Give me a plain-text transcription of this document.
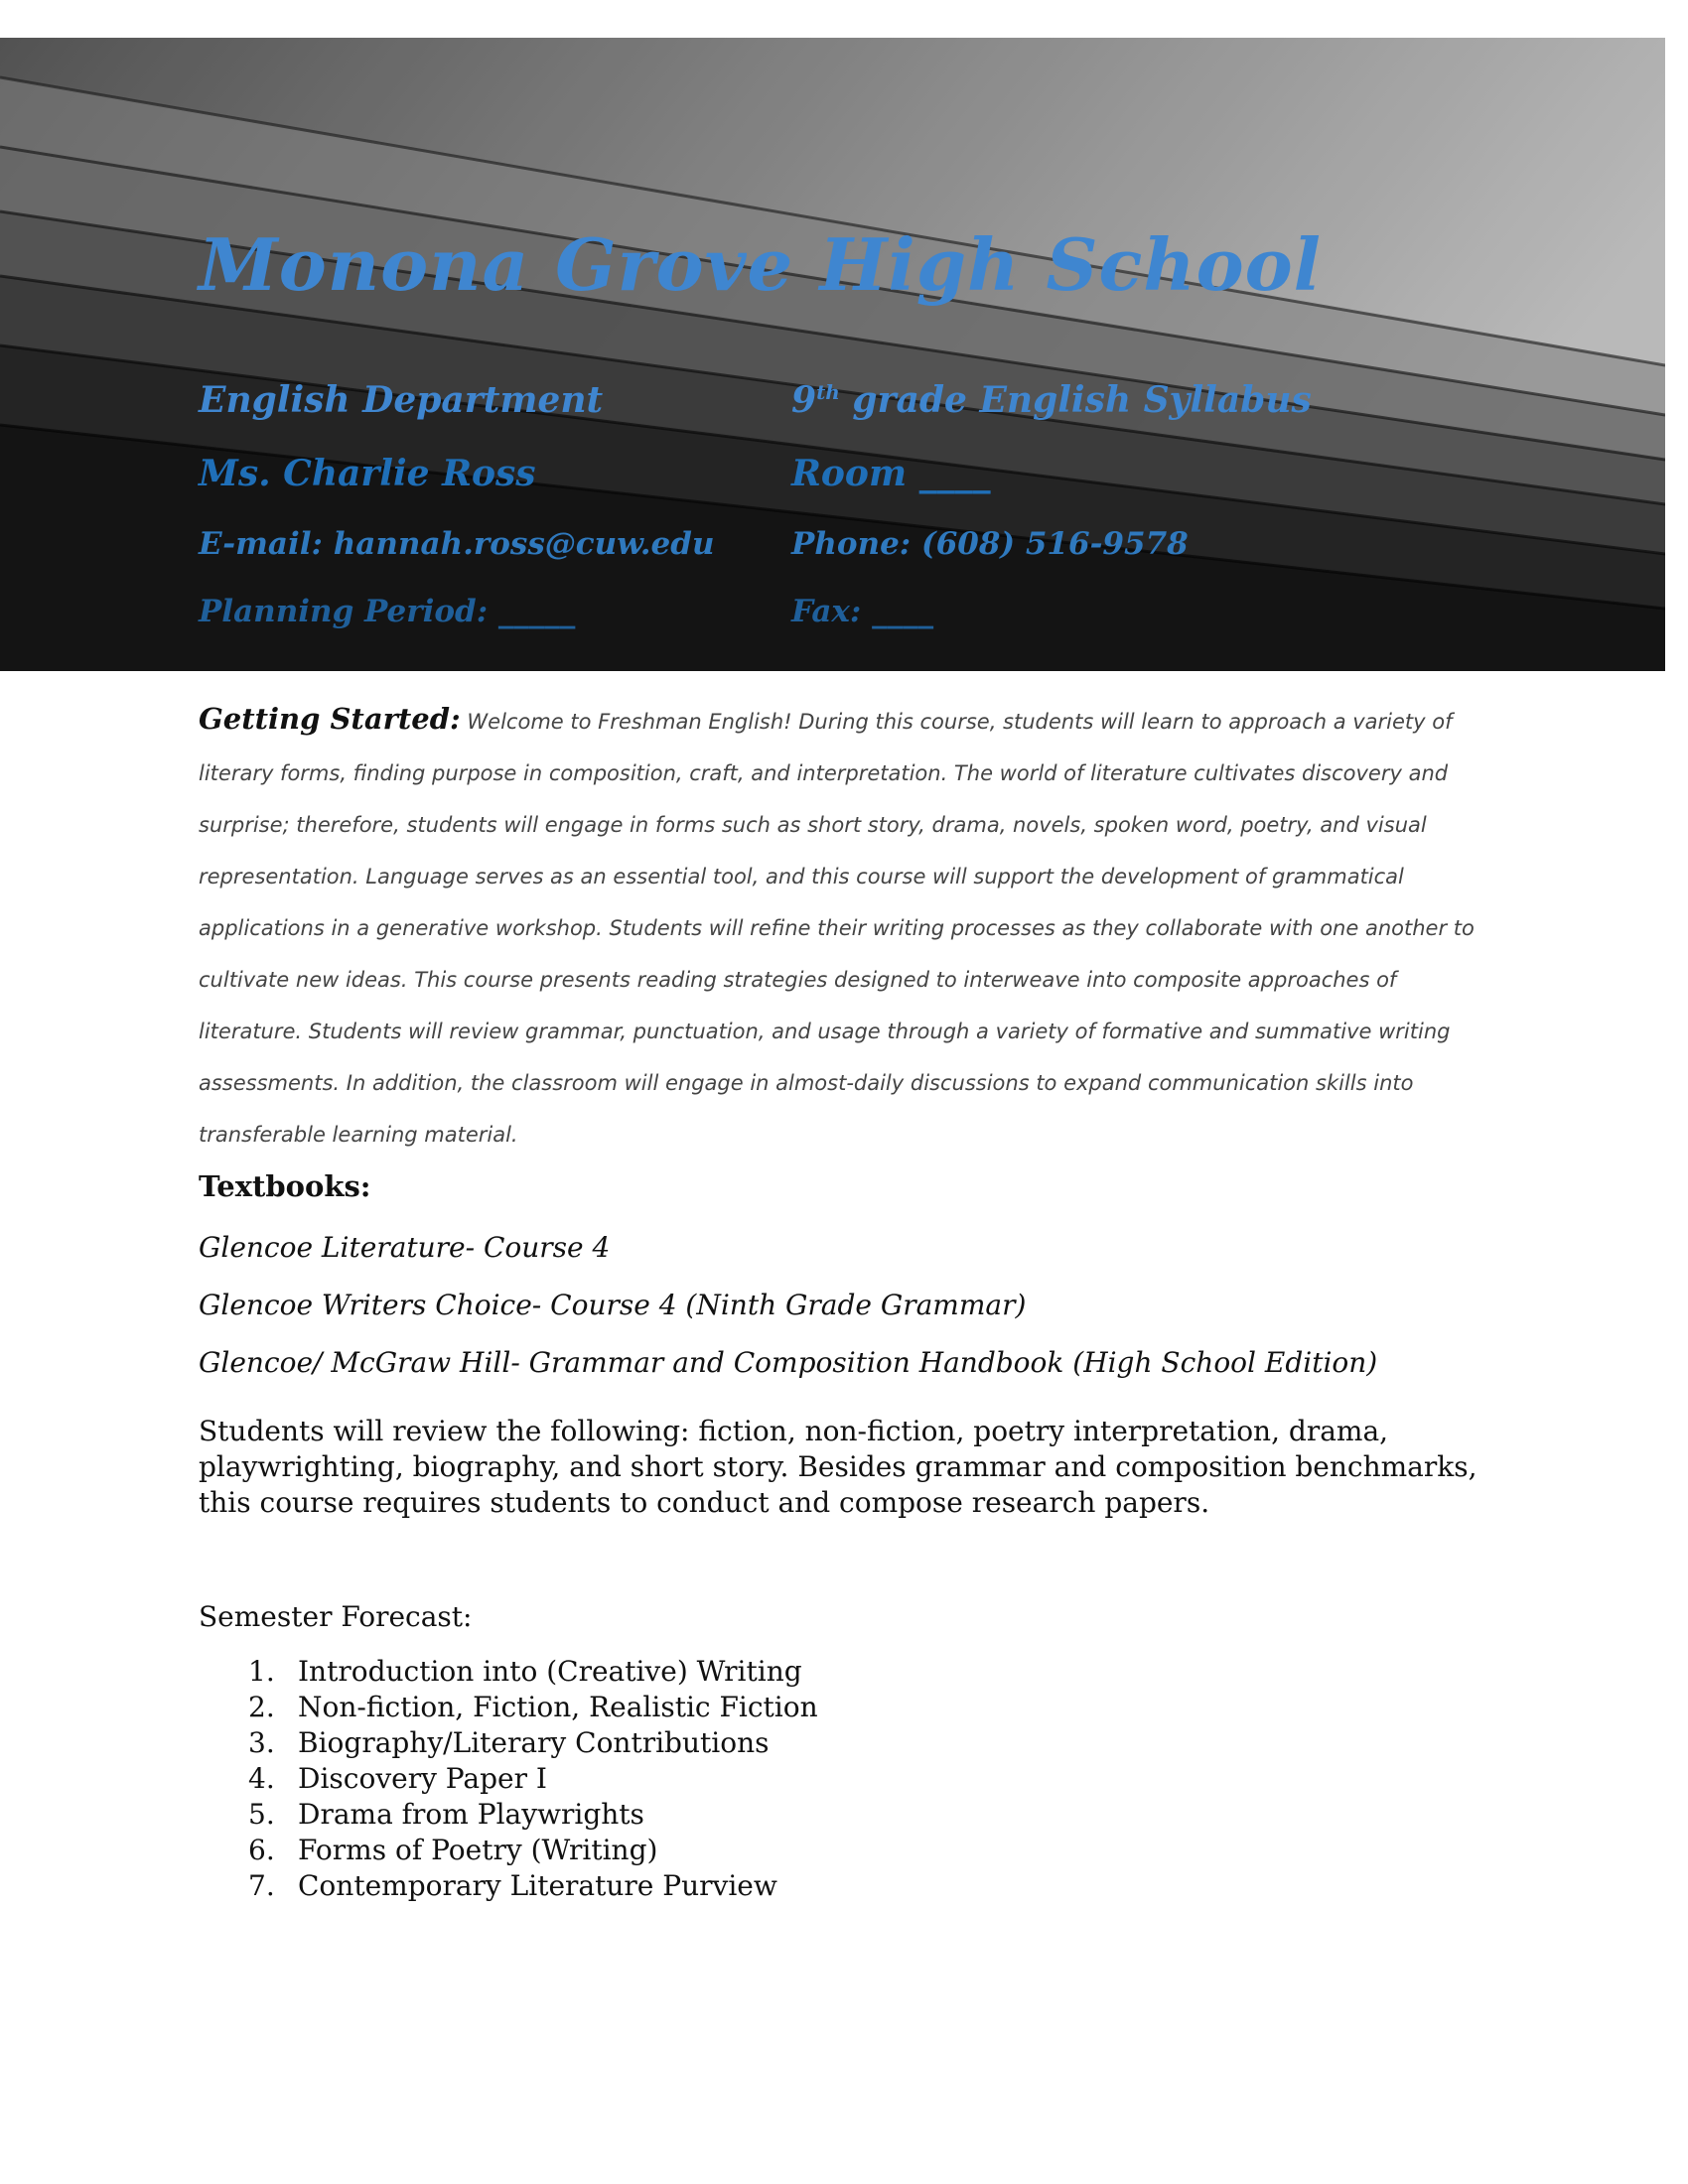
Monona Grove High School
English Department	9th grade English Syllabus
Ms. Charlie Ross	Room ____
E-mail: hannah.ross@cuw.edu	Phone: (608) 516-9578
Planning Period: _____	Fax: ____

Getting Started: Welcome to Freshman English! During this course, students will learn to approach a variety of literary forms, finding purpose in composition, craft, and interpretation. The world of literature cultivates discovery and surprise; therefore, students will engage in forms such as short story, drama, novels, spoken word, poetry, and visual representation. Language serves as an essential tool, and this course will support the development of grammatical applications in a generative workshop. Students will refine their writing processes as they collaborate with one another to cultivate new ideas. This course presents reading strategies designed to interweave into composite approaches of literature. Students will review grammar, punctuation, and usage through a variety of formative and summative writing assessments. In addition, the classroom will engage in almost-daily discussions to expand communication skills into transferable learning material.

Textbooks:

Glencoe Literature- Course 4

Glencoe Writers Choice- Course 4 (Ninth Grade Grammar)

Glencoe/ McGraw Hill- Grammar and Composition Handbook (High School Edition)

Students will review the following: fiction, non-fiction, poetry interpretation, drama, playwrighting, biography, and short story. Besides grammar and composition benchmarks, this course requires students to conduct and compose research papers.

Semester Forecast:

1. Introduction into (Creative) Writing
2. Non-fiction, Fiction, Realistic Fiction
3. Biography/Literary Contributions
4. Discovery Paper I
5. Drama from Playwrights
6. Forms of Poetry (Writing)
7. Contemporary Literature Purview
